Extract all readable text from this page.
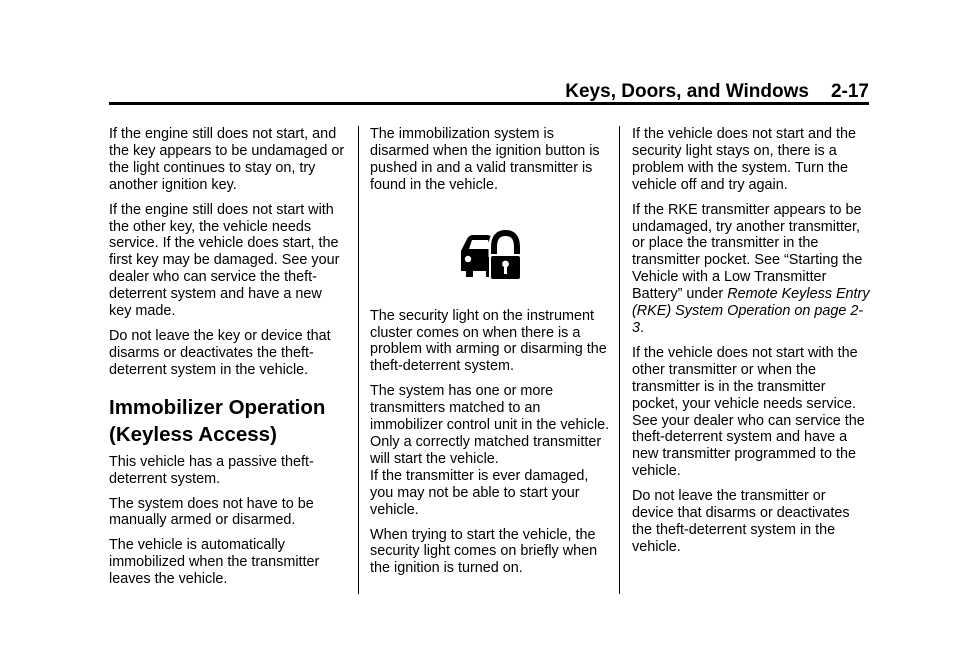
Keys, Doors, and Windows 2-17

If the engine still does not start, and the key appears to be undamaged or the light continues to stay on, try another ignition key.

If the engine still does not start with the other key, the vehicle needs service. If the vehicle does start, the first key may be damaged. See your dealer who can service the theft-deterrent system and have a new key made.

Do not leave the key or device that disarms or deactivates the theft-deterrent system in the vehicle.

Immobilizer Operation (Keyless Access)

This vehicle has a passive theft-deterrent system.

The system does not have to be manually armed or disarmed.

The vehicle is automatically immobilized when the transmitter leaves the vehicle.

The immobilization system is disarmed when the ignition button is pushed in and a valid transmitter is found in the vehicle.

The security light on the instrument cluster comes on when there is a problem with arming or disarming the theft-deterrent system.

The system has one or more transmitters matched to an immobilizer control unit in the vehicle. Only a correctly matched transmitter will start the vehicle.

If the transmitter is ever damaged, you may not be able to start your vehicle.

When trying to start the vehicle, the security light comes on briefly when the ignition is turned on.

If the vehicle does not start and the security light stays on, there is a problem with the system. Turn the vehicle off and try again.

If the RKE transmitter appears to be undamaged, try another transmitter, or place the transmitter in the transmitter pocket. See “Starting the Vehicle with a Low Transmitter Battery” under Remote Keyless Entry (RKE) System Operation on page 2-3.

If the vehicle does not start with the other transmitter or when the transmitter is in the transmitter pocket, your vehicle needs service. See your dealer who can service the theft-deterrent system and have a new transmitter programmed to the vehicle.

Do not leave the transmitter or device that disarms or deactivates the theft-deterrent system in the vehicle.
